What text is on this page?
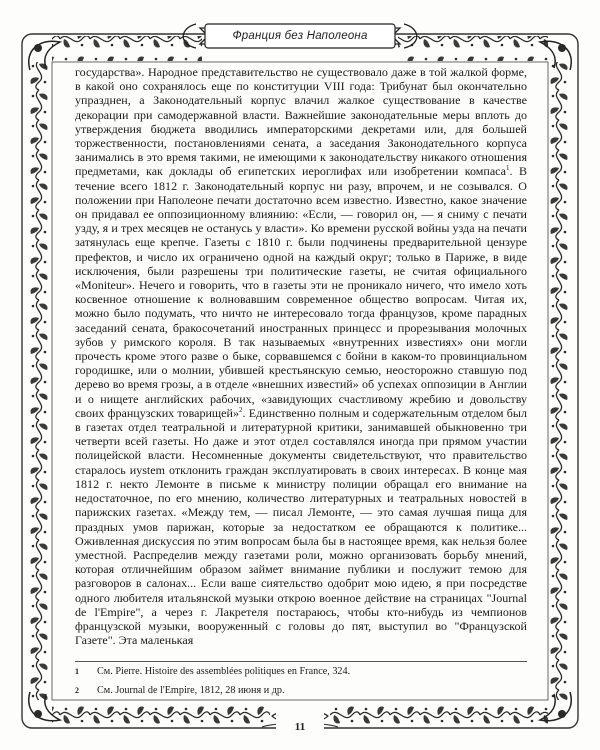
Франция без Наполеона

государства». Народное представительство не существовало даже в той жалкой форме, в какой оно сохранялось еще по конституции VIII года: Трибунат был окончательно упразднен, а Законодательный корпус влачил жалкое существование в качестве декорации при самодержавной власти. Важнейшие законодательные меры вплоть до утверждения бюджета вводились императорскими декретами или, для большей торжественности, постановлениями сената, а заседания Законодательного корпуса занимались в это время такими, не имеющими к законодательству никакого отношения предметами, как доклады об египетских иероглифах или изобретении компаса$^1$. В течение всего 1812 г. Законодательный корпус ни разу, впрочем, и не созывался. О положении при Наполеоне печати достаточно всем известно. Известно, какое значение он придавал ее оппозиционному влиянию: «Если, — говорил он, — я сниму с печати узду, я и трех месяцев не останусь у власти». Ко времени русской войны узда на печати затянулась еще крепче. Газеты с 1810 г. были подчинены предварительной цензуре префектов, и число их ограничено одной на каждый округ; только в Париже, в виде исключения, были разрешены три политические газеты, не считая официального «Moniteur». Нечего и говорить, что в газеты эти не проникало ничего, что имело хоть косвенное отношение к волновавшим современное общество вопросам. Читая их, можно было подумать, что ничто не интересовало тогда французов, кроме парадных заседаний сената, бракосочетаний иностранных принцесс и прорезывания молочных зубов у римского короля. В так называемых «внутренних известиях» они могли прочесть кроме этого разве о быке, сорвавшемся с бойни в каком-то провинциальном городишке, или о молнии, убившей крестьянскую семью, неосторожно ставшую под дерево во время грозы, а в отделе «внешних известий» об успехах оппозиции в Англии и о нищете английских рабочих, «завидующих счастливому жребию и довольству своих французских товарищей»$^2$. Единственно полным и содержательным отделом был в газетах отдел театральной и литературной критики, занимавшей обыкновенно три четверти всей газеты. Но даже и этот отдел составлялся иногда при прямом участии полицейской власти. Несомненные документы свидетельствуют, что правительство старалось иystem отклонить граждан эксплуатировать в своих интересах. В конце мая 1812 г. некто Лемонте в письме к министру полиции обращал его внимание на недостаточное, по его мнению, количество литературных и театральных новостей в парижских газетах. «Между тем, — писал Лемонте, — это самая лучшая пища для праздных умов парижан, которые за недостатком ее обращаются к политике... Оживленная дискуссия по этим вопросам была бы в настоящее время, как нельзя более уместной. Распределив между газетами роли, можно организовать борьбу мнений, которая отличнейшим образом займет внимание публики и послужит темою для разговоров в салонах... Если ваше сиятельство одобрит мою идею, я при посредстве одного любителя итальянской музыки открою военное действие на страницах "Journal de l'Empire", а через г. Лакретеля постараюсь, чтобы кто-нибудь из чемпионов французской музыки, вооруженный с головы до пят, выступил во "Французской Газете". Эта маленькая

1	См. Pierre. Histoire des assemblées politiques en France, 324.
2	См. Journal de l'Empire, 1812, 28 июня и др.
11
